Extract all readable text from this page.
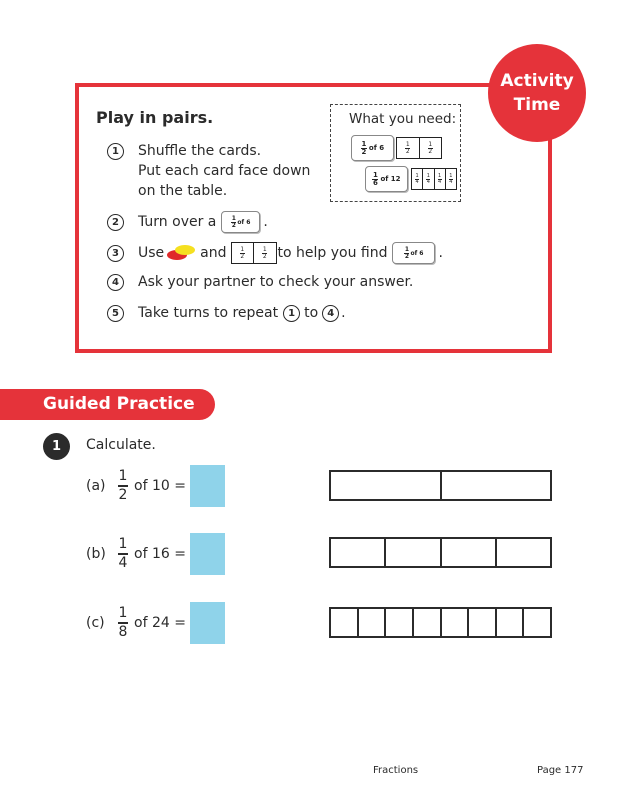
Activity
Time
Play in pairs.	What you need:
$\frac{1}{2}$ of 6	$\frac{1}{2}$	$\frac{1}{2}$
$\frac{1}{6}$ of 12	$\frac{1}{4} \frac{1}{4} \frac{1}{4} \frac{1}{4}$
1	Shuffle the cards.
Put each card face down
on the table.
2	Turn over a	$\frac{1}{2}$ of 6 .
3	Use	and $\frac{1}{2}$	$\frac{1}{2}$ to help you find	$\frac{1}{2}$ of 6 .
4	Ask your partner to check your answer.
5	Take turns to repeat	1 to 4 .
Guided Practice
1	Calculate.
$(a) \frac{1}{2}$ of 10 =
$(b) \frac{1}{4}$ of 16 =
$(c) \frac{1}{8}$ of 24 =
Fractions	Page 177
